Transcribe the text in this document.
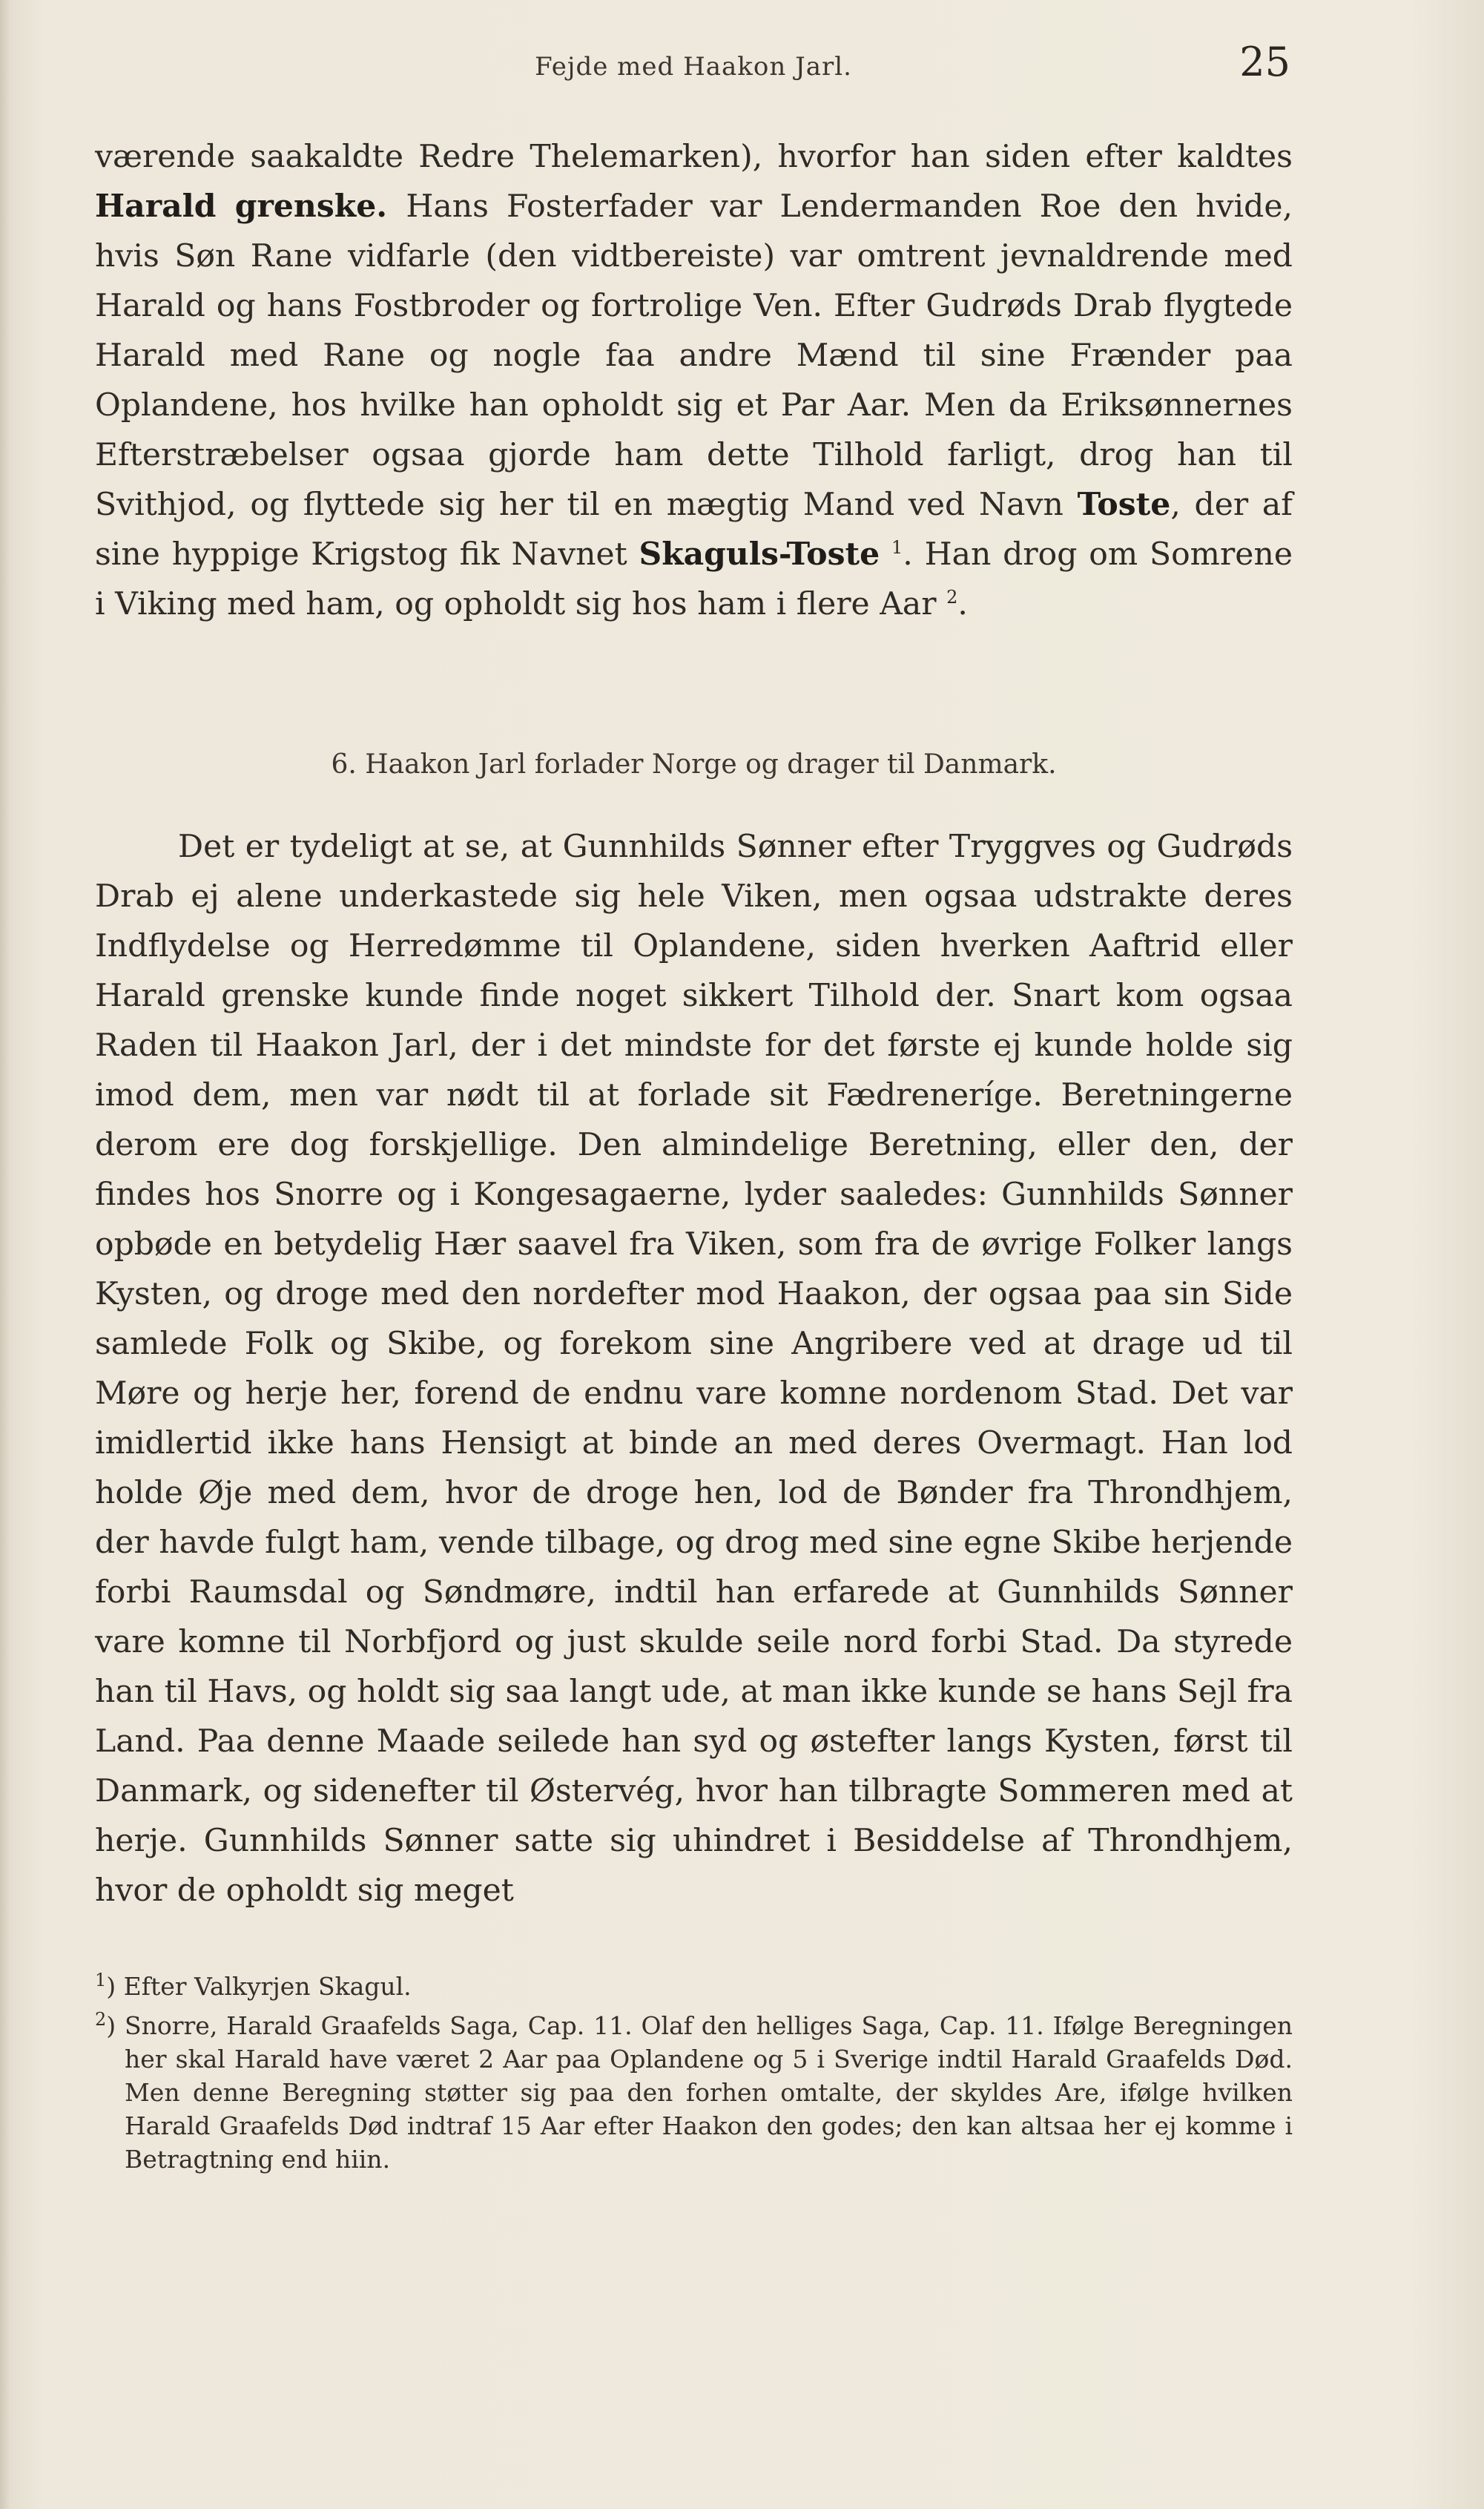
Fejde med Haakon Jarl.	25

værende saakaldte Redre Thelemarken), hvorfor han siden efter kaldtes Harald grenske. Hans Fosterfader var Lendermanden Roe den hvide, hvis Søn Rane vidfarle (den vidtbereiste) var omtrent jevnaldrende med Harald og hans Fostbroder og fortrolige Ven. Efter Gudrøds Drab flygtede Harald med Rane og nogle faa andre Mænd til sine Frænder paa Oplandene, hos hvilke han opholdt sig et Par Aar. Men da Eriksønnernes Efterstræbelser ogsaa gjorde ham dette Tilhold farligt, drog han til Svithjod, og flyttede sig her til en mægtig Mand ved Navn Toste, der af sine hyppige Krigstog fik Navnet Skaguls-Toste $^1$. Han drog om Somrene i Viking med ham, og opholdt sig hos ham i flere Aar $^2$.

6. Haakon Jarl forlader Norge og drager til Danmark.

Det er tydeligt at se, at Gunnhilds Sønner efter Tryggves og Gudrøds Drab ej alene underkastede sig hele Viken, men ogsaa udstrakte deres Indflydelse og Herredømme til Oplandene, siden hverken Aaftrid eller Harald grenske kunde finde noget sikkert Tilhold der. Snart kom ogsaa Raden til Haakon Jarl, der i det mindste for det første ej kunde holde sig imod dem, men var nødt til at forlade sit Fædreneríge. Beretningerne derom ere dog forskjellige. Den almindelige Beretning, eller den, der findes hos Snorre og i Kongesagaerne, lyder saaledes: Gunnhilds Sønner opbøde en betydelig Hær saavel fra Viken, som fra de øvrige Folker langs Kysten, og droge med den nordefter mod Haakon, der ogsaa paa sin Side samlede Folk og Skibe, og forekom sine Angribere ved at drage ud til Møre og herje her, forend de endnu vare komne nordenom Stad. Det var imidlertid ikke hans Hensigt at binde an med deres Overmagt. Han lod holde Øje med dem, hvor de droge hen, lod de Bønder fra Throndhjem, der havde fulgt ham, vende tilbage, og drog med sine egne Skibe herjende forbi Raumsdal og Søndmøre, indtil han erfarede at Gunnhilds Sønner vare komne til Norbfjord og just skulde seile nord forbi Stad. Da styrede han til Havs, og holdt sig saa langt ude, at man ikke kunde se hans Sejl fra Land. Paa denne Maade seilede han syd og østefter langs Kysten, først til Danmark, og sidenefter til Østervég, hvor han tilbragte Sommeren med at herje. Gunnhilds Sønner satte sig uhindret i Besiddelse af Throndhjem, hvor de opholdt sig meget

$^1$) Efter Valkyrjen Skagul.

$^2$) Snorre, Harald Graafelds Saga, Cap. 11. Olaf den helliges Saga, Cap. 11. Ifølge Beregningen her skal Harald have været 2 Aar paa Oplandene og 5 i Sverige indtil Harald Graafelds Død. Men denne Beregning støtter sig paa den forhen omtalte, der skyldes Are, ifølge hvilken Harald Graafelds Død indtraf 15 Aar efter Haakon den godes; den kan altsaa her ej komme i Betragtning end hiin.
